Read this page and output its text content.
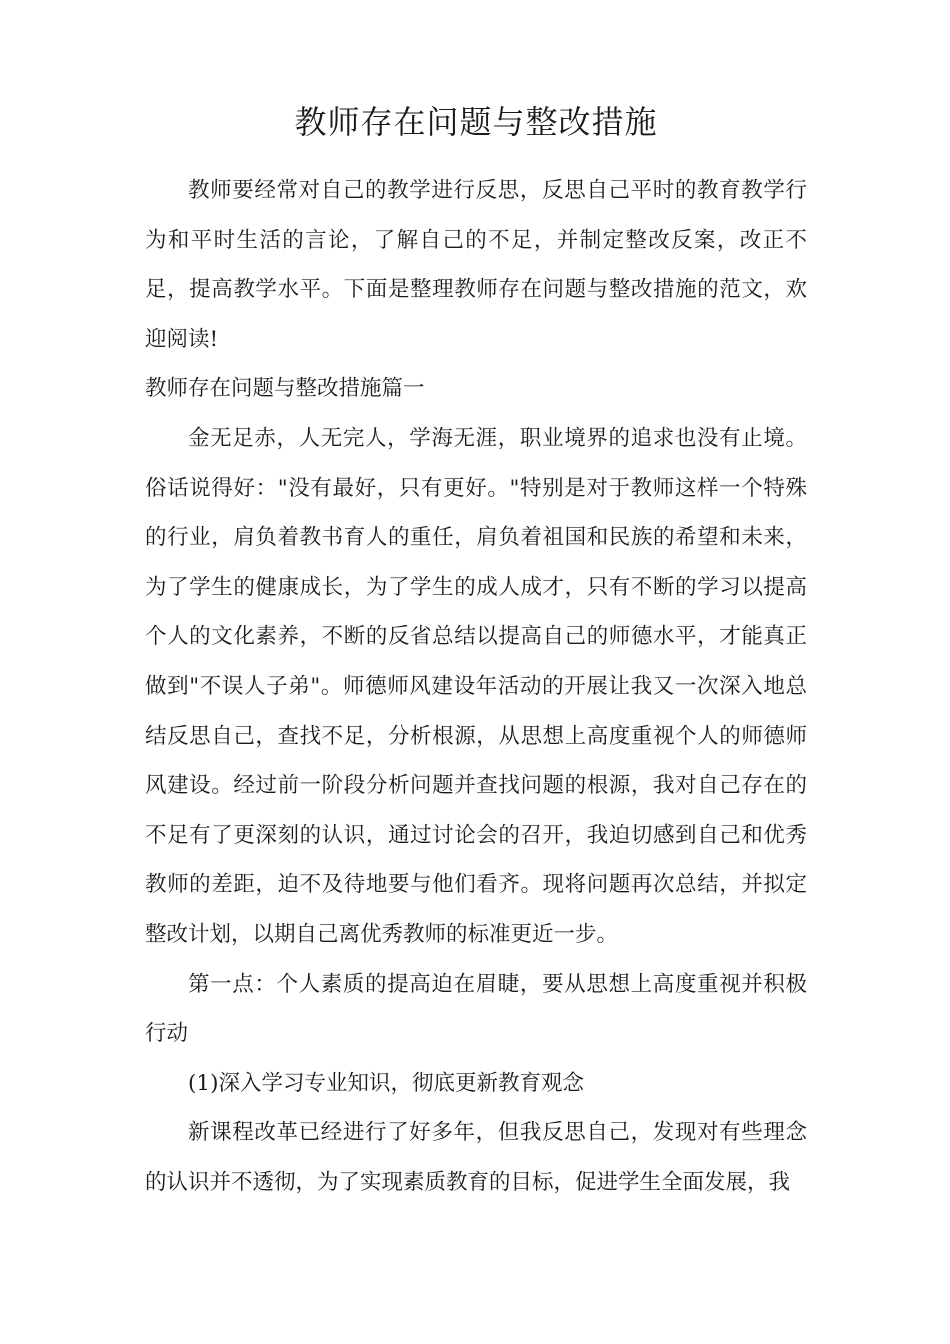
教师存在问题与整改措施

教师要经常对自己的教学进行反思，反思自己平时的教育教学行为和平时生活的言论，了解自己的不足，并制定整改反案，改正不足，提高教学水平。下面是整理教师存在问题与整改措施的范文，欢迎阅读!

教师存在问题与整改措施篇一

金无足赤，人无完人，学海无涯，职业境界的追求也没有止境。俗话说得好："没有最好，只有更好。"特别是对于教师这样一个特殊的行业，肩负着教书育人的重任，肩负着祖国和民族的希望和未来，为了学生的健康成长，为了学生的成人成才，只有不断的学习以提高个人的文化素养，不断的反省总结以提高自己的师德水平，才能真正做到"不误人子弟"。师德师风建设年活动的开展让我又一次深入地总结反思自己，查找不足，分析根源，从思想上高度重视个人的师德师风建设。经过前一阶段分析问题并查找问题的根源，我对自己存在的不足有了更深刻的认识，通过讨论会的召开，我迫切感到自己和优秀教师的差距，迫不及待地要与他们看齐。现将问题再次总结，并拟定整改计划，以期自己离优秀教师的标准更近一步。

第一点：个人素质的提高迫在眉睫，要从思想上高度重视并积极行动

(1)深入学习专业知识，彻底更新教育观念

新课程改革已经进行了好多年，但我反思自己，发现对有些理念的认识并不透彻，为了实现素质教育的目标，促进学生全面发展，我
